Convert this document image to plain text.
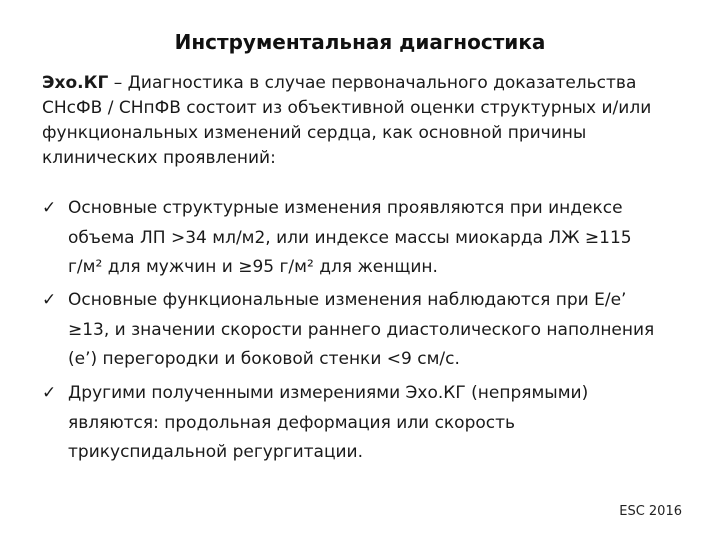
Инструментальная диагностика
Эхо.КГ – Диагностика в случае первоначального доказательства
СНсФВ / СНпФВ состоит из объективной оценки структурных и/или
функциональных изменений сердца, как основной причины
клинических проявлений:
✓ Основные структурные изменения проявляются при индексе
объема ЛП >34 мл/м2, или индексе массы миокарда ЛЖ ≥115
г/м² для мужчин и ≥95 г/м² для женщин.
✓ Основные функциональные изменения наблюдаются при E/e’
≥13, и значении скорости раннего диастолического наполнения
(e’) перегородки и боковой стенки <9 см/с.
✓ Другими полученными измерениями Эхо.КГ (непрямыми)
являются: продольная деформация или скорость
трикуспидальной регургитации.
ESC 2016
